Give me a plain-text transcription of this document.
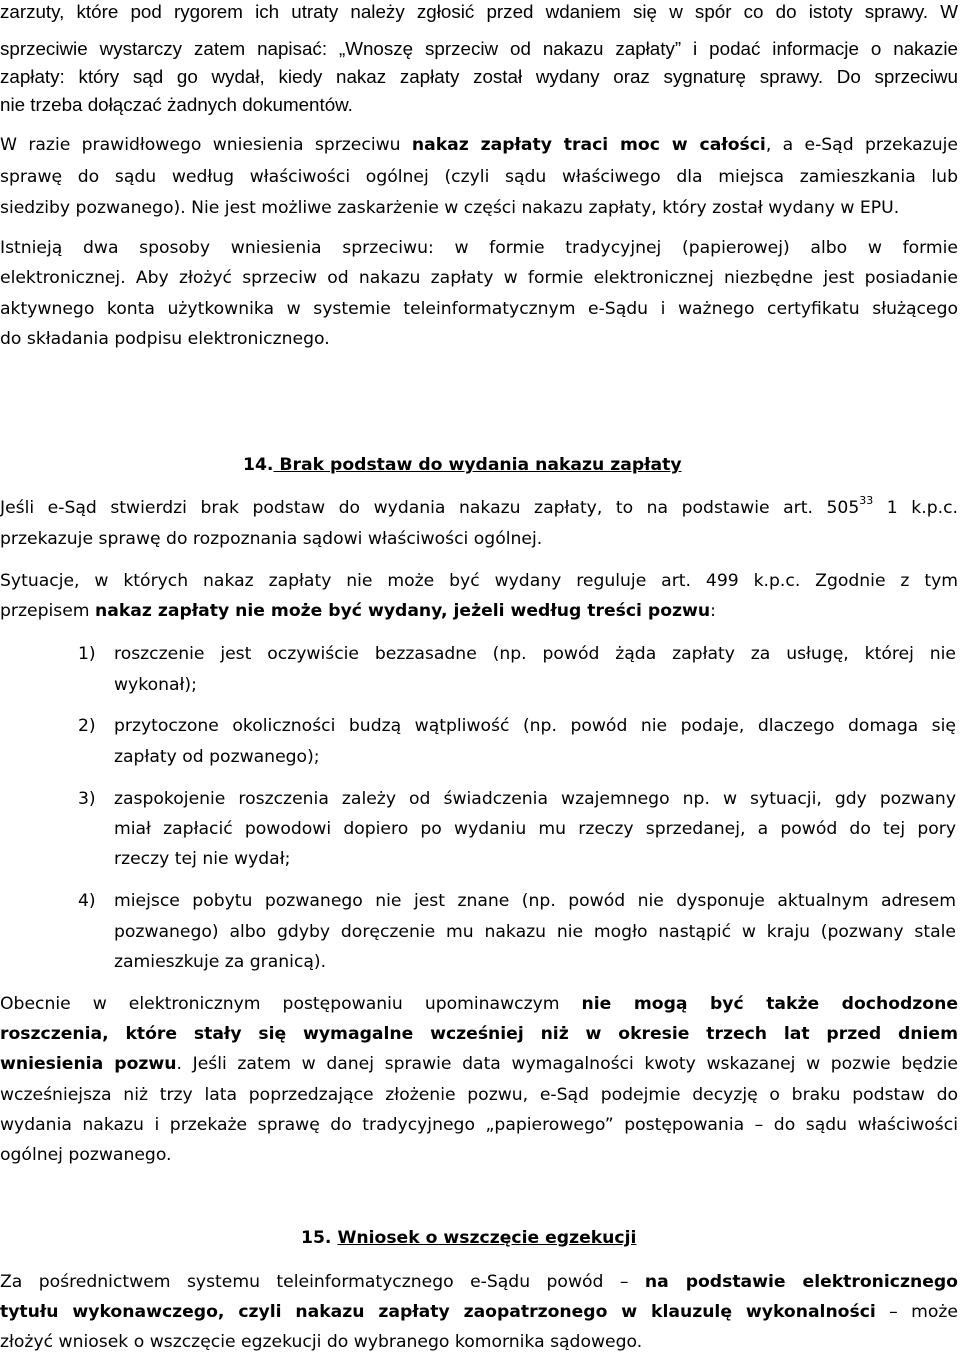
zarzuty, które pod rygorem ich utraty należy zgłosić przed wdaniem się w spór co do istoty sprawy. W
sprzeciwie wystarczy zatem napisać: „Wnoszę sprzeciw od nakazu zapłaty” i podać informacje o nakazie
zapłaty: który sąd go wydał, kiedy nakaz zapłaty został wydany oraz sygnaturę sprawy. Do sprzeciwu
nie trzeba dołączać żadnych dokumentów.
W razie prawidłowego wniesienia sprzeciwu nakaz zapłaty traci moc w całości, a e-Sąd przekazuje
sprawę do sądu według właściwości ogólnej (czyli sądu właściwego dla miejsca zamieszkania lub
siedziby pozwanego). Nie jest możliwe zaskarżenie w części nakazu zapłaty, który został wydany w EPU.
Istnieją dwa sposoby wniesienia sprzeciwu: w formie tradycyjnej (papierowej) albo w formie
elektronicznej. Aby złożyć sprzeciw od nakazu zapłaty w formie elektronicznej niezbędne jest posiadanie
aktywnego konta użytkownika w systemie teleinformatycznym e-Sądu i ważnego certyfikatu służącego
do składania podpisu elektronicznego.
14. Brak podstaw do wydania nakazu zapłaty
Jeśli e-Sąd stwierdzi brak podstaw do wydania nakazu zapłaty, to na podstawie art. $505^{33}$ 1 k.p.c.
przekazuje sprawę do rozpoznania sądowi właściwości ogólnej.
Sytuacje, w których nakaz zapłaty nie może być wydany reguluje art. 499 k.p.c. Zgodnie z tym
przepisem nakaz zapłaty nie może być wydany, jeżeli według treści pozwu:
1) roszczenie jest oczywiście bezzasadne (np. powód żąda zapłaty za usługę, której nie
wykonał);
2) przytoczone okoliczności budzą wątpliwość (np. powód nie podaje, dlaczego domaga się
zapłaty od pozwanego);
3) zaspokojenie roszczenia zależy od świadczenia wzajemnego np. w sytuacji, gdy pozwany
miał zapłacić powodowi dopiero po wydaniu mu rzeczy sprzedanej, a powód do tej pory
rzeczy tej nie wydał;
4) miejsce pobytu pozwanego nie jest znane (np. powód nie dysponuje aktualnym adresem
pozwanego) albo gdyby doręczenie mu nakazu nie mogło nastąpić w kraju (pozwany stale
zamieszkuje za granicą).
Obecnie w elektronicznym postępowaniu upominawczym nie mogą być także dochodzone
roszczenia, które stały się wymagalne wcześniej niż w okresie trzech lat przed dniem
wniesienia pozwu. Jeśli zatem w danej sprawie data wymagalności kwoty wskazanej w pozwie będzie
wcześniejsza niż trzy lata poprzedzające złożenie pozwu, e-Sąd podejmie decyzję o braku podstaw do
wydania nakazu i przekaże sprawę do tradycyjnego „papierowego” postępowania – do sądu właściwości
ogólnej pozwanego.
15. Wniosek o wszczęcie egzekucji
Za pośrednictwem systemu teleinformatycznego e-Sądu powód – na podstawie elektronicznego
tytułu wykonawczego, czyli nakazu zapłaty zaopatrzonego w klauzulę wykonalności – może
złożyć wniosek o wszczęcie egzekucji do wybranego komornika sądowego.
